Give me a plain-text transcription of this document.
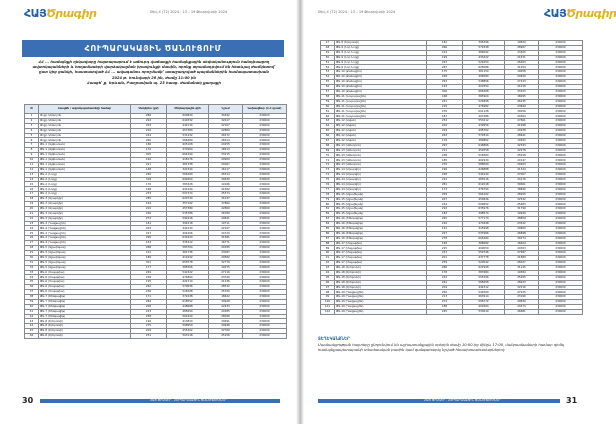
ՀԱՅԾրագիր	Թիվ 4 (72) 2024 · 13 – 19 Փետրվարի 2024
ՀՈՒՊԱՐԱԿԱՅԻՆ ԾԱՆՈՒՑՈՒՄ
ՀՀ ... համայնքի ղեկավարը հայտարարում է աճուրդ վաճառքի համայնքային սեփականություն հանդիսացող
ավտոկայանների և հողամասերի վարձակալման իրավունքի մասին, որոնք տրամադրվում են հետևյալ ժամկետով՝
ըստ կից ցանկի, հաստատված ՀՀ ... ավագանու որոշմամբ՝ առաջադրված պայմաններին համապատասխան
2024 թ. հունվարի 26 ին, ժամը 11:00 ին
Հասցե՝ ք. Երևան, Բաղրամյան պ. 23 հասց. ժամանակ քաղաքի
N	Հասցեն / ավտոկայանատեղի համար	Մակերես (քմ)	Մեկնարկային գին	Նշում	Նախավճար (Հ.Հ դրամ)
1	Փոքր Կենտրոն	280	609840	30492	230000
2	Փոքր Կենտրոն	294	640332	32017	230000
3	Փոքր Կենտրոն	203	442134	22107	230000
4	Փոքր Կենտրոն	210	457380	22869	230000
5	Փոքր Կենտրոն	244	531432	26572	230000
6	Փոքր Կենտրոն	260	566280	28314	230000
7	ԹԱ-1 (Այգեստան)	186	405108	20255	230000
8	ԹԱ-1 (Այգեստան)	170	370260	18513	230000
9	ԹԱ-1 (Այգեստան)	305	664290	33215	230000
10	ԹԱ-1 (Այգեստան)	192	418176	20909	230000
11	ԹԱ-1 (Այգեստան)	221	481338	24067	230000
12	ԹԱ-1 (Այգեստան)	148	322344	16117	230000
13	ԹԱ-2 (Նորք)	260	566280	28314	230000
14	ԹԱ-2 (Նորք)	318	692604	34630	230000
15	ԹԱ-2 (Նորք)	176	383328	19166	230000
16	ԹԱ-2 (Նորք)	198	431244	21562	230000
17	ԹԱ-2 (Նորք)	233	507474	25374	230000
18	ԹԱ-3 (Արաբկիր)	285	620730	31037	230000
19	ԹԱ-3 (Արաբկիր)	164	357192	17860	230000
20	ԹԱ-3 (Արաբկիր)	210	457380	22869	230000
21	ԹԱ-3 (Արաբկիր)	246	535788	26789	230000
22	ԹԱ-3 (Արաբկիր)	272	592416	29621	230000
23	ԹԱ-4 (Դավթաշեն)	181	394218	19711	230000
24	ԹԱ-4 (Դավթաշեն)	203	442134	22107	230000
25	ԹԱ-4 (Դավթաշեն)	227	494406	24720	230000
26	ԹԱ-4 (Դավթաշեն)	290	631620	31581	230000
27	ԹԱ-4 (Դավթաշեն)	154	335412	16771	230000
28	ԹԱ-5 (Աջափնյակ)	268	583704	29185	230000
29	ԹԱ-5 (Աջափնյակ)	212	461736	23087	230000
30	ԹԱ-5 (Աջափնյակ)	189	411642	20582	230000
31	ԹԱ-5 (Աջափնյակ)	301	655578	32779	230000
32	ԹԱ-5 (Աջափնյակ)	177	385506	19275	230000
33	ԹԱ-6 (Մալաթիա)	249	542322	27116	230000
34	ԹԱ-6 (Մալաթիա)	218	474804	23740	230000
35	ԹԱ-6 (Մալաթիա)	195	424710	21236	230000
36	ԹԱ-6 (Մալաթիա)	262	570636	28532	230000
37	ԹԱ-6 (Մալաթիա)	236	514008	25700	230000
38	ԹԱ-7 (Շենգավիթ)	171	372438	18622	230000
39	ԹԱ-7 (Շենգավիթ)	284	618552	30928	230000
40	ԹԱ-7 (Շենգավիթ)	206	448668	22433	230000
41	ԹԱ-7 (Շենգավիթ)	223	485694	24285	230000
42	ԹԱ-7 (Շենգավիթ)	258	561924	28096	230000
43	ԹԱ-8 (Էրեբունի)	190	413820	20691	230000
44	ԹԱ-8 (Էրեբունի)	275	598950	29948	230000
45	ԹԱ-8 (Էրեբունի)	209	455202	22760	230000
46	ԹԱ-8 (Էրեբունի)	231	503118	25156	230000
30	ՀԱՅ ԾՐԱԳԻՐ · ՀՈՒՊԱՐԱԿԱՅԻՆ ԾԱՆՈՒՑՈՒՄՆԵՐ
Թիվ 4 (72) 2024 · 13 – 19 Փետրվարի 2024	ՀԱՅԾրագիր
47	ԹԱ-8 (Էրեբունի)	182	396396	19820	230000
48	ԹԱ-9 (Նոր Նորք)	266	579348	28967	230000
49	ԹԱ-9 (Նոր Նորք)	214	466092	23305	230000
50	ԹԱ-9 (Նոր Նորք)	199	433422	21671	230000
51	ԹԱ-9 (Նոր Նորք)	243	529254	26463	230000
52	ԹԱ-9 (Նոր Նորք)	287	625086	31254	230000
53	ԹԱ-10 (Քանաքեռ)	175	381150	19058	230000
54	ԹԱ-10 (Քանաքեռ)	228	496584	24829	230000
55	ԹԱ-10 (Քանաքեռ)	252	548856	27443	230000
56	ԹԱ-10 (Քանաքեռ)	193	420354	21018	230000
57	ԹԱ-10 (Քանաքեռ)	306	666468	33323	230000
58	ԹԱ-11 (Նուբարաշեն)	168	365904	18295	230000
59	ԹԱ-11 (Նուբարաշեն)	241	524898	26245	230000
60	ԹԱ-11 (Նուբարաշեն)	219	476982	23849	230000
61	ԹԱ-11 (Նուբարաշեն)	276	601128	30056	230000
62	ԹԱ-11 (Նուբարաշեն)	187	407286	20364	230000
63	ԹԱ-12 (Ավան)	254	553212	27661	230000
64	ԹԱ-12 (Ավան)	202	439956	21998	230000
65	ԹԱ-12 (Ավան)	229	498762	24938	230000
66	ԹԱ-12 (Ավան)	263	572814	28641	230000
67	ԹԱ-12 (Ավան)	179	389862	19493	230000
68	ԹԱ-13 (Կենտրոն)	297	646866	32343	230000
69	ԹԱ-13 (Կենտրոն)	211	459558	22978	230000
70	ԹԱ-13 (Կենտրոն)	238	518364	25918	230000
71	ԹԱ-13 (Կենտրոն)	185	402930	20147	230000
72	ԹԱ-13 (Կենտրոն)	270	588060	29403	230000
73	ԹԱ-14 (Արաբկիր)	196	426888	21344	230000
74	ԹԱ-14 (Արաբկիր)	248	540144	27007	230000
75	ԹԱ-14 (Արաբկիր)	222	483516	24176	230000
76	ԹԱ-14 (Արաբկիր)	281	612018	30601	230000
77	ԹԱ-14 (Արաբկիր)	173	376794	18840	230000
78	ԹԱ-15 (Աջափնյակ)	259	564102	28205	230000
79	ԹԱ-15 (Աջափնյակ)	207	450846	22542	230000
80	ԹԱ-15 (Աջափնյակ)	234	509652	25483	230000
81	ԹԱ-15 (Աջափնյակ)	292	635976	31799	230000
82	ԹԱ-15 (Աջափնյակ)	183	398574	19929	230000
83	ԹԱ-16 (Շենգավիթ)	265	577170	28859	230000
84	ԹԱ-16 (Շենգավիթ)	216	470448	23522	230000
85	ԹԱ-16 (Շենգավիթ)	191	415998	20800	230000
86	ԹԱ-16 (Շենգավիթ)	247	537966	26898	230000
87	ԹԱ-16 (Շենգավիթ)	278	605484	30274	230000
88	ԹԱ-17 (Մալաթիա)	169	368082	18404	230000
89	ԹԱ-17 (Մալաթիա)	225	490050	24503	230000
90	ԹԱ-17 (Մալաթիա)	257	559746	27987	230000
91	ԹԱ-17 (Մալաթիա)	201	437778	21889	230000
92	ԹԱ-17 (Մալաթիա)	239	520542	26027	230000
93	ԹԱ-18 (Էրեբունի)	286	622908	31145	230000
94	ԹԱ-18 (Էրեբունի)	178	387684	19384	230000
95	ԹԱ-18 (Էրեբունի)	232	505296	25265	230000
96	ԹԱ-18 (Էրեբունի)	261	568458	28423	230000
97	ԹԱ-18 (Էրեբունի)	204	444312	22216	230000
98	ԹԱ-19 (Դավթաշեն)	250	544500	27225	230000
99	ԹԱ-19 (Դավթաշեն)	213	463914	23196	230000
100	ԹԱ-19 (Դավթաշեն)	274	596772	29839	230000
101	ԹԱ-19 (Դավթաշեն)	188	409464	20473	230000
102	ԹԱ-19 (Դավթաշեն)	245	533610	26681	230000
ՏԵՂԵԿԱՆՔՆԵՐ
Մասնակցության հայտերը ընդունվում են աշխատանքային օրերին ժամը 10:00-ից մինչև 17:00, մանրամասների համար դիմել համայնքապետարանի տնտեսական բաժին կամ զանգահարել նշված հեռախոսահամարներով:
ՀԱՅ ԾՐԱԳԻՐ · ՀՈՒՊԱՐԱԿԱՅԻՆ ԾԱՆՈՒՑՈՒՄՆԵՐ	31
